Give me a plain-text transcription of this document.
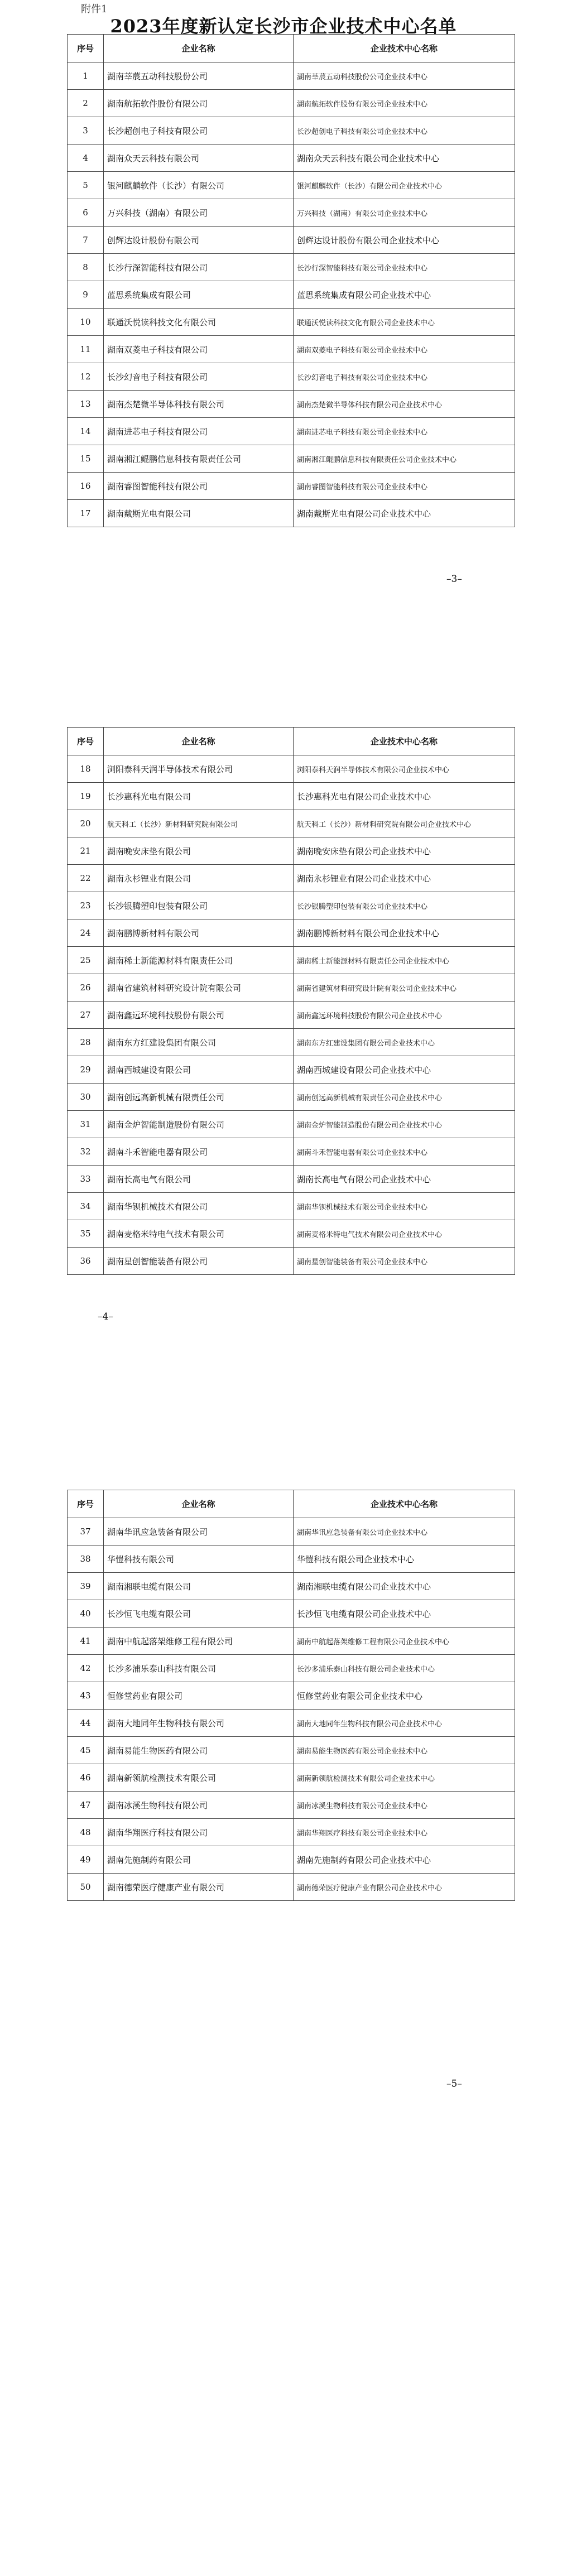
附件1
2023年度新认定长沙市企业技术中心名单
序号	企业名称	企业技术中心名称
1	湖南莘莀五动科技股份公司	湖南莘莀五动科技股份公司企业技术中心
2	湖南航拓软件股份有限公司	湖南航拓软件股份有限公司企业技术中心
3	长沙超创电子科技有限公司	长沙超创电子科技有限公司企业技术中心
4	湖南众天云科技有限公司	湖南众天云科技有限公司企业技术中心
5	银河麒麟软件（长沙）有限公司	银河麒麟软件（长沙）有限公司企业技术中心
6	万兴科技（湖南）有限公司	万兴科技（湖南）有限公司企业技术中心
7	创辉达设计股份有限公司	创辉达设计股份有限公司企业技术中心
8	长沙行深智能科技有限公司	长沙行深智能科技有限公司企业技术中心
9	蓝思系统集成有限公司	蓝思系统集成有限公司企业技术中心
10	联通沃悦读科技文化有限公司	联通沃悦读科技文化有限公司企业技术中心
11	湖南双菱电子科技有限公司	湖南双菱电子科技有限公司企业技术中心
12	长沙幻音电子科技有限公司	长沙幻音电子科技有限公司企业技术中心
13	湖南杰楚微半导体科技有限公司	湖南杰楚微半导体科技有限公司企业技术中心
14	湖南进芯电子科技有限公司	湖南进芯电子科技有限公司企业技术中心
15	湖南湘江鲲鹏信息科技有限责任公司	湖南湘江鲲鹏信息科技有限责任公司企业技术中心
16	湖南睿图智能科技有限公司	湖南睿图智能科技有限公司企业技术中心
17	湖南戴斯光电有限公司	湖南戴斯光电有限公司企业技术中心
–3–
序号	企业名称	企业技术中心名称
18	浏阳泰科天润半导体技术有限公司	浏阳泰科天润半导体技术有限公司企业技术中心
19	长沙惠科光电有限公司	长沙惠科光电有限公司企业技术中心
20	航天科工（长沙）新材料研究院有限公司	航天科工（长沙）新材料研究院有限公司企业技术中心
21	湖南晚安床垫有限公司	湖南晚安床垫有限公司企业技术中心
22	湖南永杉锂业有限公司	湖南永杉锂业有限公司企业技术中心
23	长沙银腾塑印包装有限公司	长沙银腾塑印包装有限公司企业技术中心
24	湖南鹏博新材料有限公司	湖南鹏博新材料有限公司企业技术中心
25	湖南稀土新能源材料有限责任公司	湖南稀土新能源材料有限责任公司企业技术中心
26	湖南省建筑材料研究设计院有限公司	湖南省建筑材料研究设计院有限公司企业技术中心
27	湖南鑫远环境科技股份有限公司	湖南鑫远环境科技股份有限公司企业技术中心
28	湖南东方红建设集团有限公司	湖南东方红建设集团有限公司企业技术中心
29	湖南西城建设有限公司	湖南西城建设有限公司企业技术中心
30	湖南创远高新机械有限责任公司	湖南创远高新机械有限责任公司企业技术中心
31	湖南金炉智能制造股份有限公司	湖南金炉智能制造股份有限公司企业技术中心
32	湖南斗禾智能电器有限公司	湖南斗禾智能电器有限公司企业技术中心
33	湖南长高电气有限公司	湖南长高电气有限公司企业技术中心
34	湖南华钡机械技术有限公司	湖南华钡机械技术有限公司企业技术中心
35	湖南麦格米特电气技术有限公司	湖南麦格米特电气技术有限公司企业技术中心
36	湖南星创智能装备有限公司	湖南星创智能装备有限公司企业技术中心
–4–
序号	企业名称	企业技术中心名称
37	湖南华讯应急装备有限公司	湖南华讯应急装备有限公司企业技术中心
38	华愷科技有限公司	华愷科技有限公司企业技术中心
39	湖南湘联电缆有限公司	湖南湘联电缆有限公司企业技术中心
40	长沙恒飞电缆有限公司	长沙恒飞电缆有限公司企业技术中心
41	湖南中航起落架维修工程有限公司	湖南中航起落架维修工程有限公司企业技术中心
42	长沙多浦乐泰山科技有限公司	长沙多浦乐泰山科技有限公司企业技术中心
43	恒修堂药业有限公司	恒修堂药业有限公司企业技术中心
44	湖南大地同年生物科技有限公司	湖南大地同年生物科技有限公司企业技术中心
45	湖南易能生物医药有限公司	湖南易能生物医药有限公司企业技术中心
46	湖南新领航检测技术有限公司	湖南新领航检测技术有限公司企业技术中心
47	湖南冰溪生物科技有限公司	湖南冰溪生物科技有限公司企业技术中心
48	湖南华翔医疗科技有限公司	湖南华翔医疗科技有限公司企业技术中心
49	湖南先施制药有限公司	湖南先施制药有限公司企业技术中心
50	湖南德荣医疗健康产业有限公司	湖南德荣医疗健康产业有限公司企业技术中心
–5–
